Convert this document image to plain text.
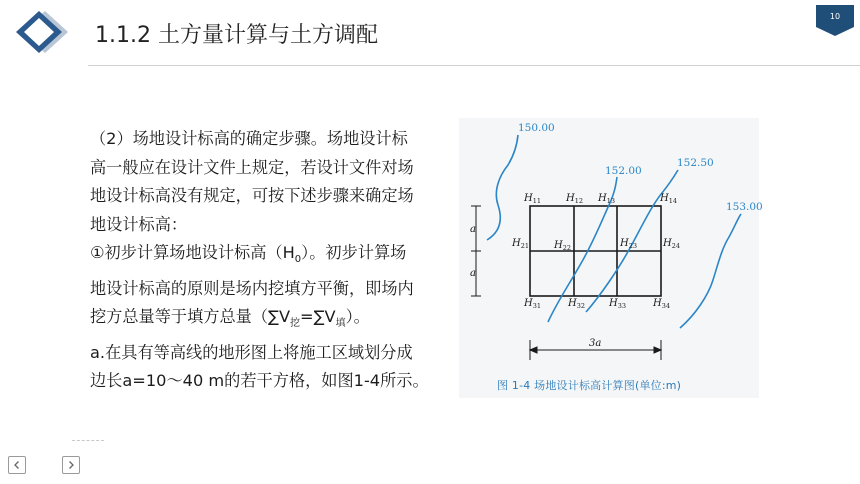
1.1.2 土方量计算与土方调配
10

（2）场地设计标高的确定步骤。场地设计标

高一般应在设计文件上规定，若设计文件对场

地设计标高没有规定，可按下述步骤来确定场

地设计标高：

①初步计算场地设计标高$(H_0)$。初步计算场

地设计标高的原则是场内挖填方平衡，即场内

挖方总量等于填方总量$(\sum V_挖=\sum V_填)$。

a.在具有等高线的地形图上将施工区域划分成

边长a=10～40 m的若干方格，如图1-4所示。

a
a
3a
150.00
152.00
152.50
153.00
$H_{11}$ $H_{12}$ $H_{13}$	$H_{14}$
$H_{21}$ $H_{22}$	$H_{23}$	$H_{24}$
$H_{31}$	$H_{32}$ $H_{33}$	$H_{34}$
图 1-4 场地设计标高计算图(单位:m)
